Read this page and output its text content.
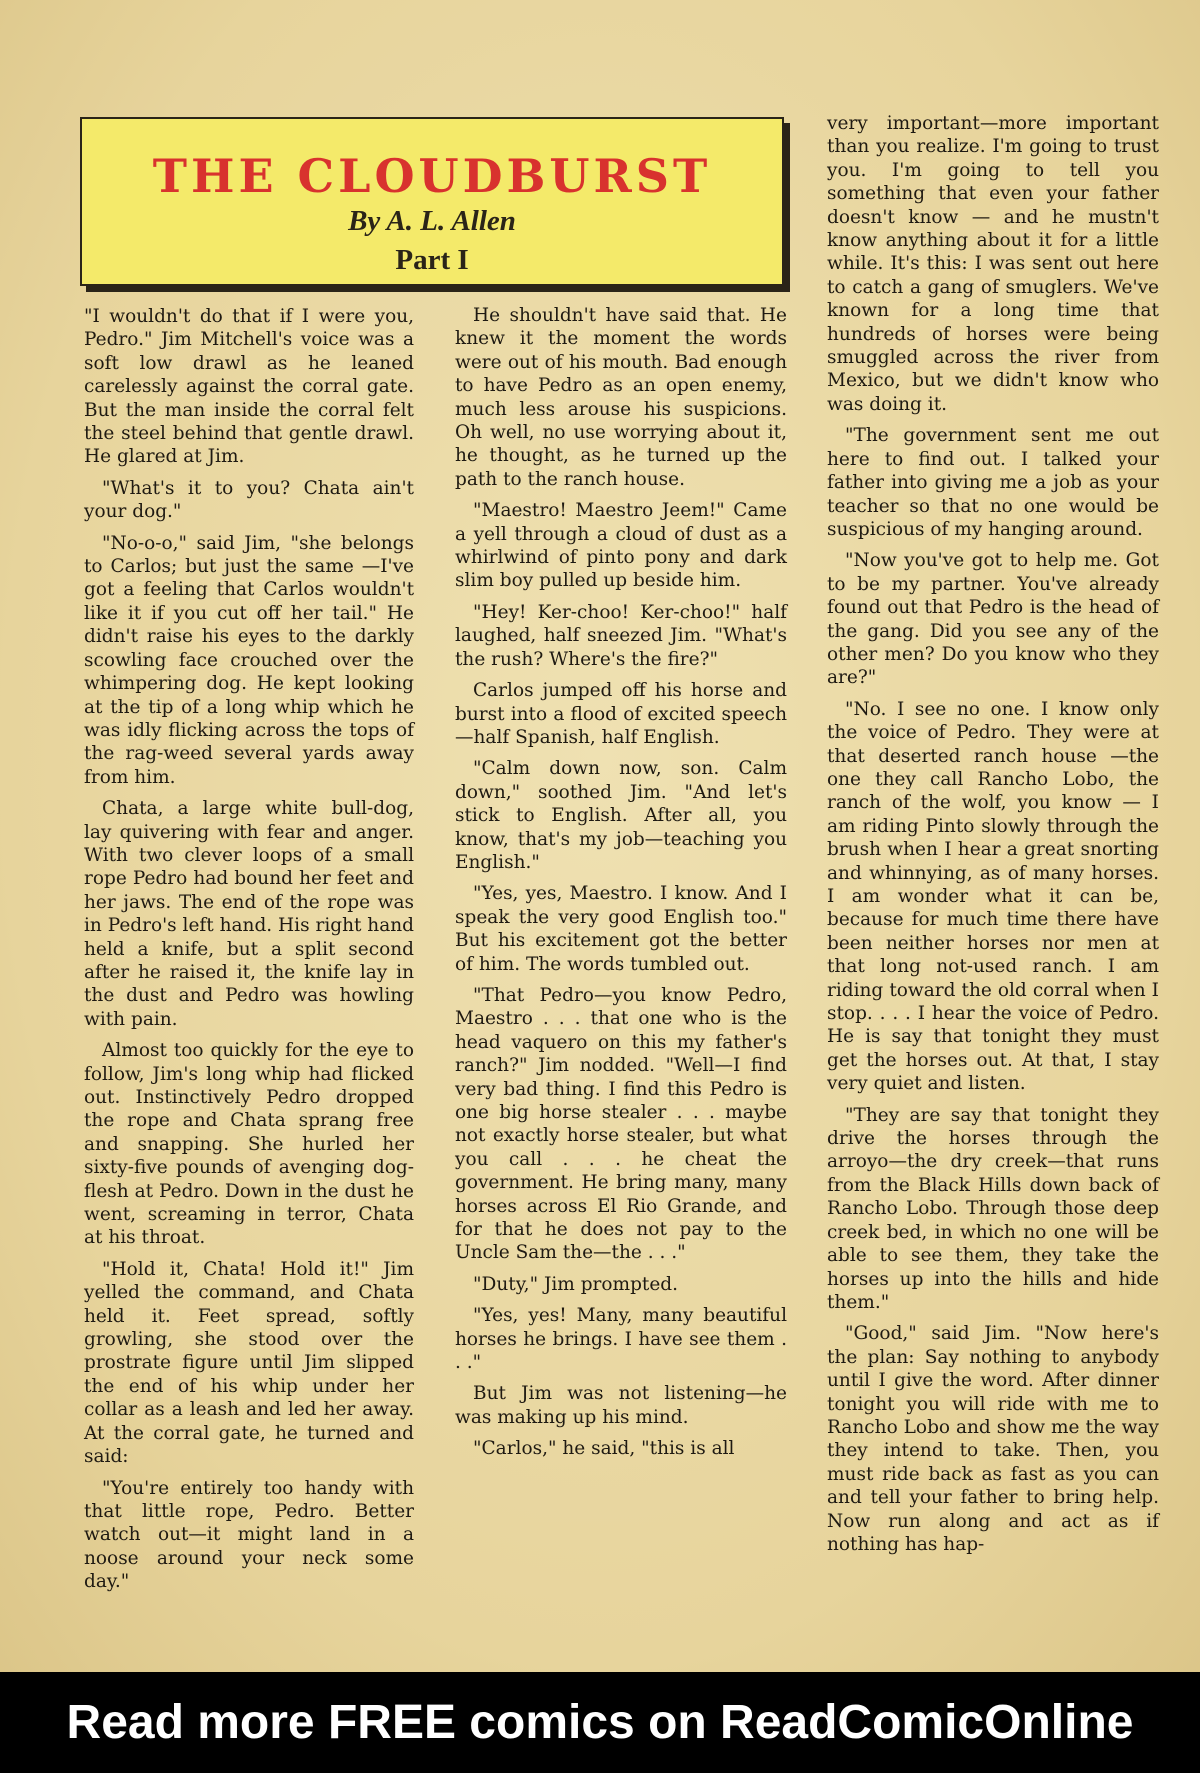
THE CLOUDBURST
By A. L. Allen
Part I

"I wouldn't do that if I were you, Pedro." Jim Mitchell's voice was a soft low drawl as he leaned carelessly against the corral gate. But the man inside the corral felt the steel behind that gentle drawl. He glared at Jim.

"What's it to you? Chata ain't your dog."

"No-o-o," said Jim, "she belongs to Carlos; but just the same —I've got a feeling that Carlos wouldn't like it if you cut off her tail." He didn't raise his eyes to the darkly scowling face crouched over the whimpering dog. He kept looking at the tip of a long whip which he was idly flicking across the tops of the rag-weed several yards away from him.

Chata, a large white bull-dog, lay quivering with fear and anger. With two clever loops of a small rope Pedro had bound her feet and her jaws. The end of the rope was in Pedro's left hand. His right hand held a knife, but a split second after he raised it, the knife lay in the dust and Pedro was howling with pain.

Almost too quickly for the eye to follow, Jim's long whip had flicked out. Instinctively Pedro dropped the rope and Chata sprang free and snapping. She hurled her sixty-five pounds of avenging dog-flesh at Pedro. Down in the dust he went, screaming in terror, Chata at his throat.

"Hold it, Chata! Hold it!" Jim yelled the command, and Chata held it. Feet spread, softly growling, she stood over the prostrate figure until Jim slipped the end of his whip under her collar as a leash and led her away. At the corral gate, he turned and said:

"You're entirely too handy with that little rope, Pedro. Better watch out—it might land in a noose around your neck some day."

He shouldn't have said that. He knew it the moment the words were out of his mouth. Bad enough to have Pedro as an open enemy, much less arouse his suspicions. Oh well, no use worrying about it, he thought, as he turned up the path to the ranch house.

"Maestro! Maestro Jeem!" Came a yell through a cloud of dust as a whirlwind of pinto pony and dark slim boy pulled up beside him.

"Hey! Ker-choo! Ker-choo!" half laughed, half sneezed Jim. "What's the rush? Where's the fire?"

Carlos jumped off his horse and burst into a flood of excited speech—half Spanish, half English.

"Calm down now, son. Calm down," soothed Jim. "And let's stick to English. After all, you know, that's my job—teaching you English."

"Yes, yes, Maestro. I know. And I speak the very good English too." But his excitement got the better of him. The words tumbled out.

"That Pedro—you know Pedro, Maestro . . . that one who is the head vaquero on this my father's ranch?" Jim nodded. "Well—I find very bad thing. I find this Pedro is one big horse stealer . . . maybe not exactly horse stealer, but what you call . . . he cheat the government. He bring many, many horses across El Rio Grande, and for that he does not pay to the Uncle Sam the—the . . ."

"Duty," Jim prompted.

"Yes, yes! Many, many beautiful horses he brings. I have see them . . ."

But Jim was not listening—he was making up his mind.

"Carlos," he said, "this is all

very important—more important than you realize. I'm going to trust you. I'm going to tell you something that even your father doesn't know — and he mustn't know anything about it for a little while. It's this: I was sent out here to catch a gang of smuglers. We've known for a long time that hundreds of horses were being smuggled across the river from Mexico, but we didn't know who was doing it.

"The government sent me out here to find out. I talked your father into giving me a job as your teacher so that no one would be suspicious of my hanging around.

"Now you've got to help me. Got to be my partner. You've already found out that Pedro is the head of the gang. Did you see any of the other men? Do you know who they are?"

"No. I see no one. I know only the voice of Pedro. They were at that deserted ranch house —the one they call Rancho Lobo, the ranch of the wolf, you know — I am riding Pinto slowly through the brush when I hear a great snorting and whinnying, as of many horses. I am wonder what it can be, because for much time there have been neither horses nor men at that long not-used ranch. I am riding toward the old corral when I stop. . . . I hear the voice of Pedro. He is say that tonight they must get the horses out. At that, I stay very quiet and listen.

"They are say that tonight they drive the horses through the arroyo—the dry creek—that runs from the Black Hills down back of Rancho Lobo. Through those deep creek bed, in which no one will be able to see them, they take the horses up into the hills and hide them."

"Good," said Jim. "Now here's the plan: Say nothing to anybody until I give the word. After dinner tonight you will ride with me to Rancho Lobo and show me the way they intend to take. Then, you must ride back as fast as you can and tell your father to bring help. Now run along and act as if nothing has hap-

Read more FREE comics on ReadComicOnline
